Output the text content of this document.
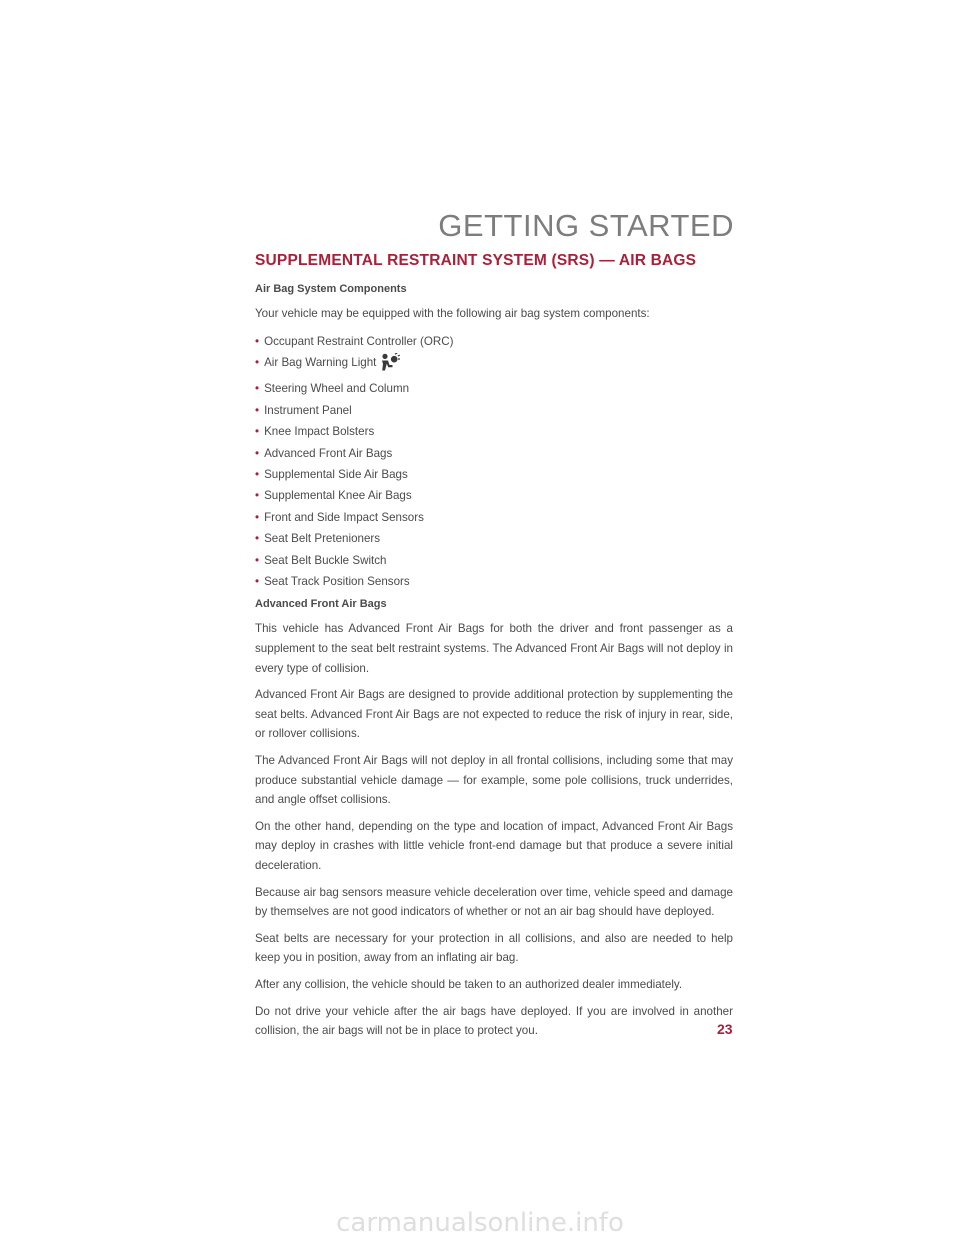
GETTING STARTED
SUPPLEMENTAL RESTRAINT SYSTEM (SRS) — AIR BAGS
Air Bag System Components

Your vehicle may be equipped with the following air bag system components:

• Occupant Restraint Controller (ORC)
• Air Bag Warning Light
• Steering Wheel and Column
• Instrument Panel
• Knee Impact Bolsters
• Advanced Front Air Bags
• Supplemental Side Air Bags
• Supplemental Knee Air Bags
• Front and Side Impact Sensors
• Seat Belt Pretenioners
• Seat Belt Buckle Switch
• Seat Track Position Sensors
Advanced Front Air Bags

This vehicle has Advanced Front Air Bags for both the driver and front passenger as a supplement to the seat belt restraint systems. The Advanced Front Air Bags will not deploy in every type of collision.

Advanced Front Air Bags are designed to provide additional protection by supplementing the seat belts. Advanced Front Air Bags are not expected to reduce the risk of injury in rear, side, or rollover collisions.

The Advanced Front Air Bags will not deploy in all frontal collisions, including some that may produce substantial vehicle damage — for example, some pole collisions, truck underrides, and angle offset collisions.

On the other hand, depending on the type and location of impact, Advanced Front Air Bags may deploy in crashes with little vehicle front-end damage but that produce a severe initial deceleration.

Because air bag sensors measure vehicle deceleration over time, vehicle speed and damage by themselves are not good indicators of whether or not an air bag should have deployed.

Seat belts are necessary for your protection in all collisions, and also are needed to help keep you in position, away from an inflating air bag.

After any collision, the vehicle should be taken to an authorized dealer immediately.

Do not drive your vehicle after the air bags have deployed. If you are involved in another collision, the air bags will not be in place to protect you.	23

carmanualsonline.info
